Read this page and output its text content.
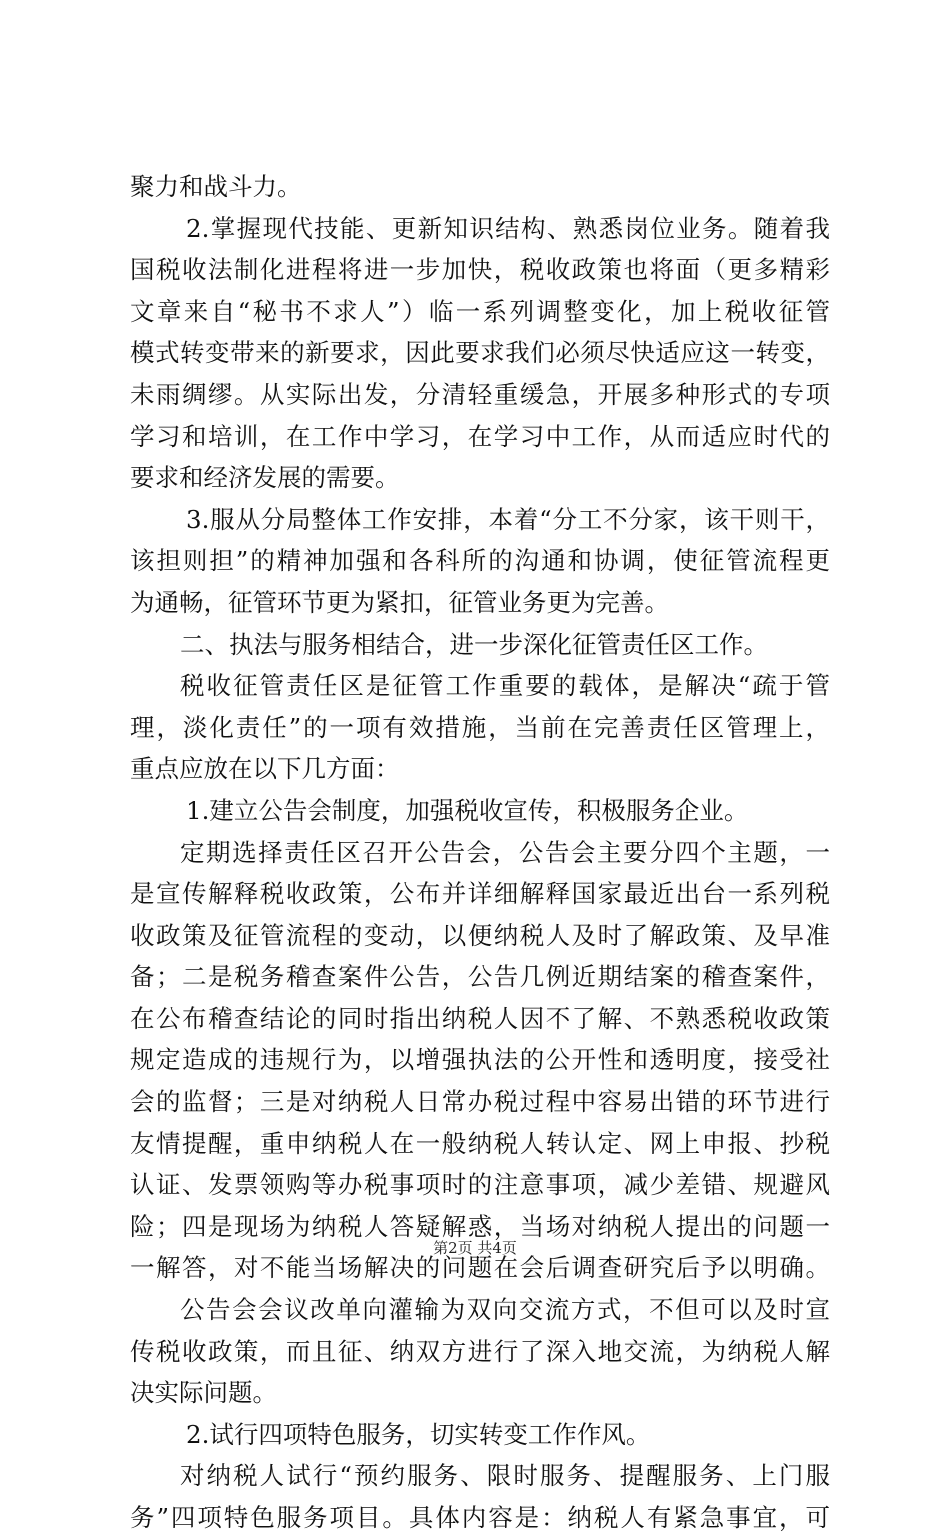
聚力和战斗力。
2.掌握现代技能、更新知识结构、熟悉岗位业务。随着我
国税收法制化进程将进一步加快，税收政策也将面（更多精彩
文章来自“秘书不求人”）临一系列调整变化，加上税收征管
模式转变带来的新要求，因此要求我们必须尽快适应这一转变，
未雨绸缪。从实际出发，分清轻重缓急，开展多种形式的专项
学习和培训，在工作中学习，在学习中工作，从而适应时代的
要求和经济发展的需要。
3.服从分局整体工作安排，本着“分工不分家，该干则干，
该担则担”的精神加强和各科所的沟通和协调，使征管流程更
为通畅，征管环节更为紧扣，征管业务更为完善。
二、执法与服务相结合，进一步深化征管责任区工作。
税收征管责任区是征管工作重要的载体，是解决“疏于管
理，淡化责任”的一项有效措施，当前在完善责任区管理上，
重点应放在以下几方面：
1.建立公告会制度，加强税收宣传，积极服务企业。
定期选择责任区召开公告会，公告会主要分四个主题，一
是宣传解释税收政策，公布并详细解释国家最近出台一系列税
收政策及征管流程的变动，以便纳税人及时了解政策、及早准
备；二是税务稽查案件公告，公告几例近期结案的稽查案件，
在公布稽查结论的同时指出纳税人因不了解、不熟悉税收政策
规定造成的违规行为，以增强执法的公开性和透明度，接受社
会的监督；三是对纳税人日常办税过程中容易出错的环节进行
友情提醒，重申纳税人在一般纳税人转认定、网上申报、抄税
认证、发票领购等办税事项时的注意事项，减少差错、规避风
险；四是现场为纳税人答疑解惑，当场对纳税人提出的问题一
一解答，对不能当场解决的问题在会后调查研究后予以明确。
公告会会议改单向灌输为双向交流方式，不但可以及时宣
传税收政策，而且征、纳双方进行了深入地交流，为纳税人解
决实际问题。
2.试行四项特色服务，切实转变工作作风。
对纳税人试行“预约服务、限时服务、提醒服务、上门服
务”四项特色服务项目。具体内容是：纳税人有紧急事宜，可
第2页 共4页
